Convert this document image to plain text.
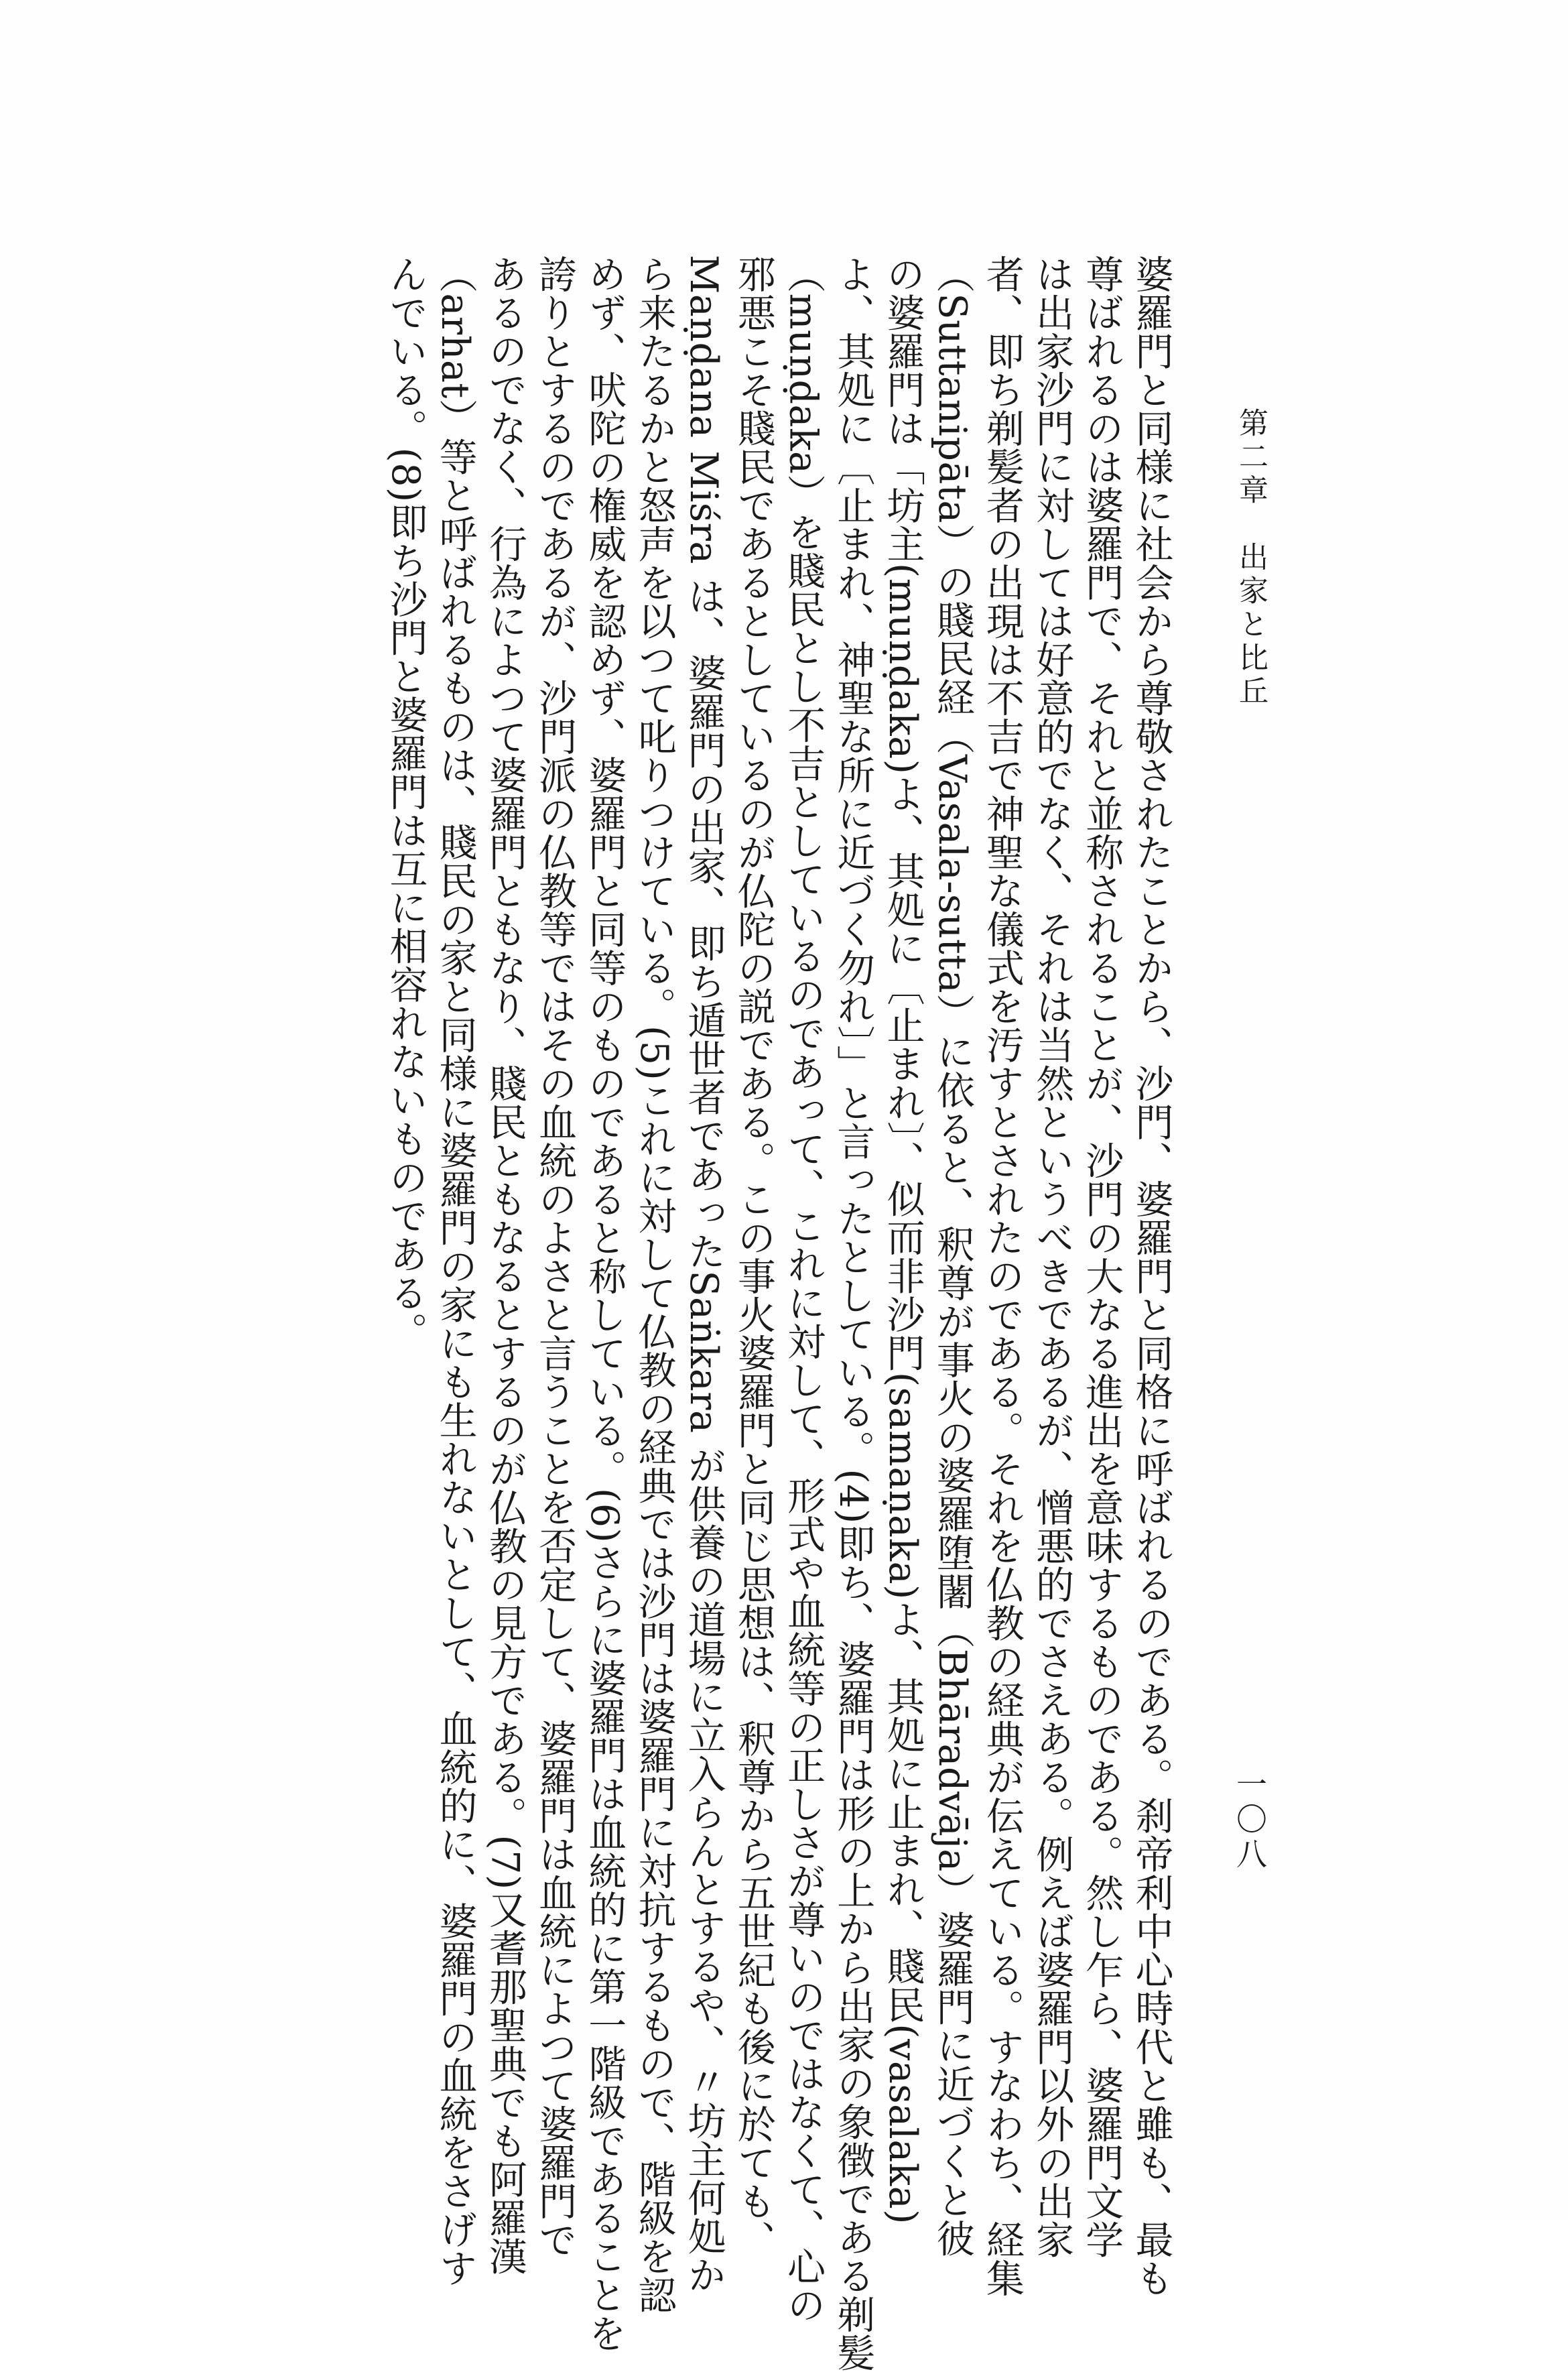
第二章　出家と比丘
一〇八
婆羅門と同様に社会から尊敬されたことから、沙門、婆羅門と同格に呼ばれるのである。刹帝利中心時代と雖も、最も
尊ばれるのは婆羅門で、それと並称されることが、沙門の大なる進出を意味するものである。然し乍ら、婆羅門文学
は出家沙門に対しては好意的でなく、それは当然というべきであるが、憎悪的でさえある。例えば婆羅門以外の出家
者、即ち剃髪者の出現は不吉で神聖な儀式を汚すとされたのである。それを仏教の経典が伝えている。すなわち、経集
（Suttanipāta）の賤民経（Vasala-sutta）に依ると、釈尊が事火の婆羅堕闍（Bhāradvāja）婆羅門に近づくと彼
の婆羅門は「坊主(muṇḍaka)よ、其処に〔止まれ〕、似而非沙門(samaṇaka)よ、其処に止まれ、賤民(vasalaka)
よ、其処に〔止まれ、神聖な所に近づく勿れ〕」と言ったとしている。(4)即ち、婆羅門は形の上から出家の象徴である剃髪
（muṇḍaka）を賤民とし不吉としているのであって、これに対して、形式や血統等の正しさが尊いのではなくて、心の
邪悪こそ賤民であるとしているのが仏陀の説である。この事火婆羅門と同じ思想は、釈尊から五世紀も後に於ても、
Maṇḍana Miśra は、婆羅門の出家、即ち遁世者であったSaṅkara が供養の道場に立入らんとするや、〃坊主何処か
ら来たるかと怒声を以つて叱りつけている。(5)これに対して仏教の経典では沙門は婆羅門に対抗するもので、階級を認
めず、吠陀の権威を認めず、婆羅門と同等のものであると称している。(6)さらに婆羅門は血統的に第一階級であることを
誇りとするのであるが、沙門派の仏教等ではその血統のよさと言うことを否定して、婆羅門は血統によつて婆羅門で
あるのでなく、行為によつて婆羅門ともなり、賤民ともなるとするのが仏教の見方である。(7)又耆那聖典でも阿羅漢
（arhat）等と呼ばれるものは、賤民の家と同様に婆羅門の家にも生れないとして、血統的に、婆羅門の血統をさげす
んでいる。(8)即ち沙門と婆羅門は互に相容れないものである。
